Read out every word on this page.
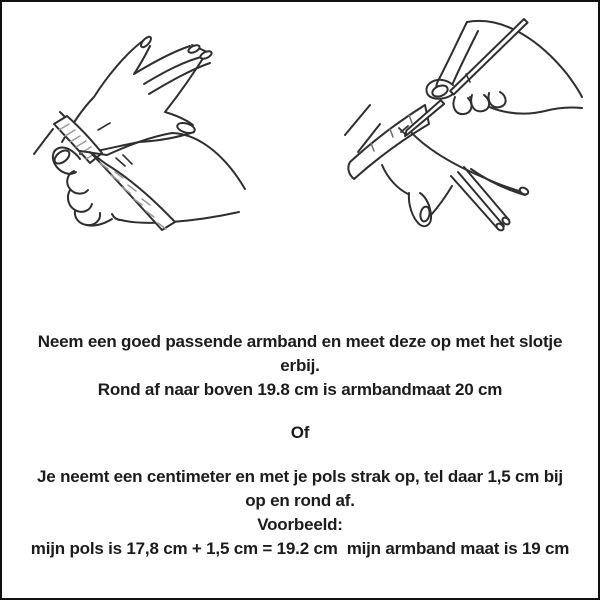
Neem een goed passende armband en meet deze op met het slotje
erbij.
Rond af naar boven 19.8 cm is armbandmaat 20 cm
Of
Je neemt een centimeter en met je pols strak op, tel daar 1,5 cm bij
op en rond af.
Voorbeeld:
mijn pols is 17,8 cm + 1,5 cm = 19.2 cm  mijn armband maat is 19 cm
